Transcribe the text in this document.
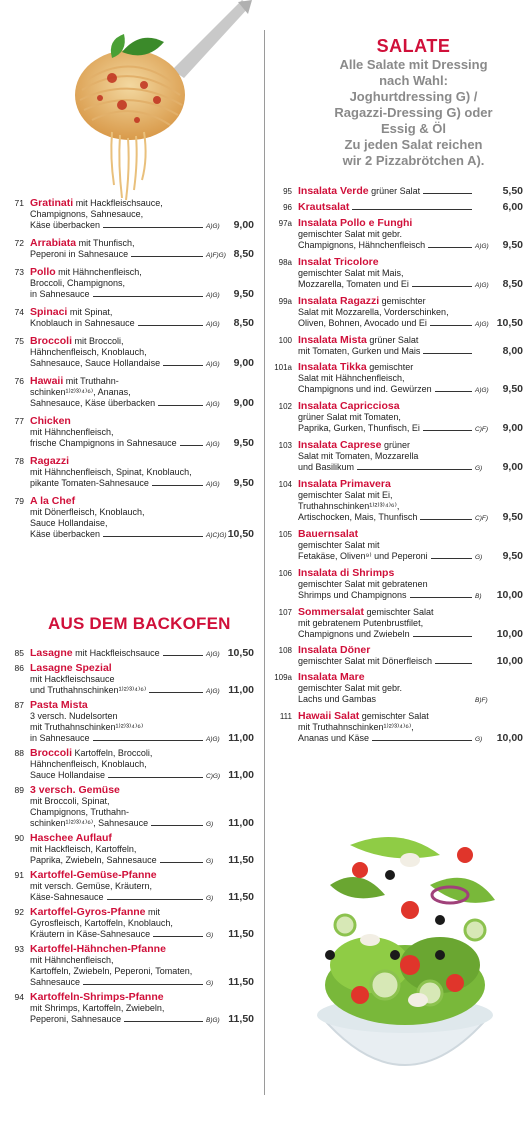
71 Gratinati mit Hackfleischsauce,
Champignons, Sahnesauce,
Käse überbacken	A)G)	9,00
72 Arrabiata mit Thunfisch,
Peperoni in Sahnesauce	A)F)G) 8,50
73 Pollo mit Hähnchenfleisch,
Broccoli, Champignons,
in Sahnesauce	A)G)	9,50
74 Spinaci mit Spinat,
Knoblauch in Sahnesauce	A)G)	8,50
75 Broccoli mit Broccoli,
Hähnchenfleisch, Knoblauch,
Sahnesauce, Sauce Hollandaise	A)G)	9,00
76 Hawaii mit Truthahn-
schinken¹⁾²⁾³⁾⁴⁾⁶⁾, Ananas,
Sahnesauce, Käse überbacken	A)G)	9,00
77 Chicken
mit Hähnchenfleisch,
frische Champignons in Sahnesauce	A)G)	9,50
78 Ragazzi
mit Hähnchenfleisch, Spinat, Knoblauch,
pikante Tomaten-Sahnesauce	A)G)	9,50
79 A la Chef
mit Dönerfleisch, Knoblauch,
Sauce Hollandaise,
Käse überbacken	A)C)G) 10,50
AUS DEM BACKOFEN
85 Lasagne mit Hackfleischsauce	A)G) 10,50
86 Lasagne Spezial
mit Hackfleischsauce
und Truthahnschinken¹⁾²⁾³⁾⁴⁾⁶⁾	A)G) 11,00
87 Pasta Mista
3 versch. Nudelsorten
mit Truthahnschinken¹⁾²⁾³⁾⁴⁾⁶⁾
in Sahnesauce	A)G) 11,00
88 Broccoli Kartoffeln, Broccoli,
Hähnchenfleisch, Knoblauch,
Sauce Hollandaise	C)G) 11,00
89 3 versch. Gemüse
mit Broccoli, Spinat,
Champignons, Truthahn-
schinken¹⁾²⁾³⁾⁴⁾⁶⁾, Sahnesauce	G)	11,00
90 Haschee Auflauf
mit Hackfleisch, Kartoffeln,
Paprika, Zwiebeln, Sahnesauce	G)	11,50
91 Kartoffel-Gemüse-Pfanne
mit versch. Gemüse, Kräutern,
Käse-Sahnesauce	G)	11,50
92 Kartoffel-Gyros-Pfanne mit
Gyrosfleisch, Kartoffeln, Knoblauch,
Kräutern in Käse-Sahnesauce	G)	11,50
93 Kartoffel-Hähnchen-Pfanne
mit Hähnchenfleisch,
Kartoffeln, Zwiebeln, Peperoni, Tomaten,
Sahnesauce	G)	11,50
94 Kartoffeln-Shrimps-Pfanne
mit Shrimps, Kartoffeln, Zwiebeln,
Peperoni, Sahnesauce	B)G) 11,50
SALATE
Alle Salate mit Dressing
nach Wahl:
Joghurtdressing G) /
Ragazzi-Dressing G) oder
Essig & Öl
Zu jeden Salat reichen
wir 2 Pizzabrötchen A).
95 Insalata Verde grüner Salat	5,50
96 Krautsalat	6,00
97a Insalata Pollo e Funghi
gemischter Salat mit gebr.
Champignons, Hähnchenfleisch	A)G)	9,50
98a Insalat Tricolore
gemischter Salat mit Mais,
Mozzarella, Tomaten und Ei	A)G)	8,50
99a Insalata Ragazzi gemischter
Salat mit Mozzarella, Vorderschinken,
Oliven, Bohnen, Avocado und Ei	A)G) 10,50
100 Insalata Mista grüner Salat
mit Tomaten, Gurken und Mais	8,00
101a Insalata Tikka gemischter
Salat mit Hähnchenfleisch,
Champignons und ind. Gewürzen	A)G)	9,50
102 Insalata Capricciosa
grüner Salat mit Tomaten,
Paprika, Gurken, Thunfisch, Ei	C)F)	9,00
103 Insalata Caprese grüner
Salat mit Tomaten, Mozzarella
und Basilikum	G)	9,00
104 Insalata Primavera
gemischter Salat mit Ei,
Truthahnschinken¹⁾²⁾³⁾⁴⁾⁶⁾,
Artischocken, Mais, Thunfisch	C)F)	9,50
105 Bauernsalat
gemischter Salat mit
Fetakäse, Oliven⁹⁾ und Peperoni	G)	9,50
106 Insalata di Shrimps
gemischter Salat mit gebratenen
Shrimps und Champignons	B)	10,00
107 Sommersalat gemischter Salat
mit gebratenem Putenbrustfilet,
Champignons und Zwiebeln	10,00
108 Insalata Döner
gemischter Salat mit Dönerfleisch	10,00
109a Insalata Mare
gemischter Salat mit gebr.
Lachs und Gambas	B)F)
111 Hawaii Salat gemischter Salat
mit Truthahnschinken¹⁾²⁾³⁾⁴⁾⁶⁾,
Ananas und Käse	G)	10,00
